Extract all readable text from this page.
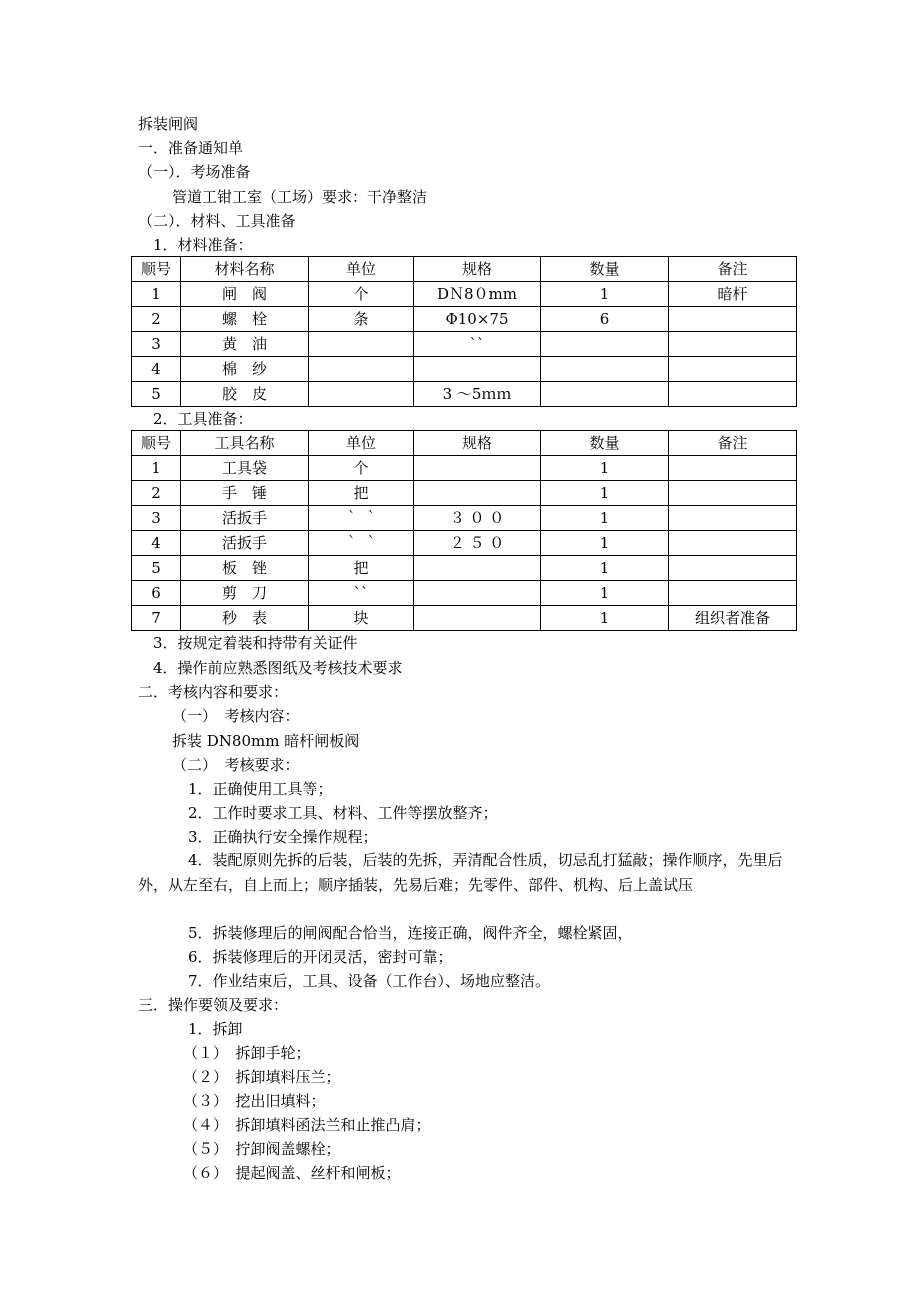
拆装闸阀
一．准备通知单
（一）．考场准备
管道工钳工室（工场）要求：干净整洁
（二）．材料、工具准备
1．材料准备：
顺号	材料名称	单位	规格	数量	备注
1	闸　阀	个	DＮ8０mm	1	暗杆
2	螺　栓	条	Φ10×75	6	
3	黄　油		``		
4	棉　纱				
5	胶　皮		3 ～5ｍｍ		
2．工具准备：
顺号	工具名称	单位	规格	数量	备注
1	工具袋	个		1	
2	手　锤	把		1	
3	活扳手	｀ ｀	３ ０ ０	1	
4	活扳手	｀ ｀	２ ５ ０	1	
5	板　锉	把		1	
6	剪　刀	``		1	
7	秒　表	块		1	组织者准备
3．按规定着装和持带有关证件
4．操作前应熟悉图纸及考核技术要求
二．考核内容和要求：
（一）　考核内容：
拆装 DN80mm 暗杆闸板阀
（二）　考核要求：
1．正确使用工具等；
2．工作时要求工具、材料、工件等摆放整齐；
3．正确执行安全操作规程；
4．装配原则先拆的后装，后装的先拆，弄清配合性质，切忌乱打猛敲；操作顺序，先里后外，从左至右，自上而上；顺序插装，先易后难；先零件、部件、机构、后上盖试压
5．拆装修理后的闸阀配合恰当，连接正确，阀件齐全，螺栓紧固，
6．拆装修理后的开闭灵活，密封可靠；
7．作业结束后，工具、设备（工作台）、场地应整洁。
三．操作要领及要求：
1．拆卸
（１）　拆卸手轮；
（２）　拆卸填料压兰；
（３）　挖出旧填料；
（４）　拆卸填料函法兰和止推凸肩；
（５）　拧卸阀盖螺栓；
（６）　提起阀盖、丝杆和闸板；
